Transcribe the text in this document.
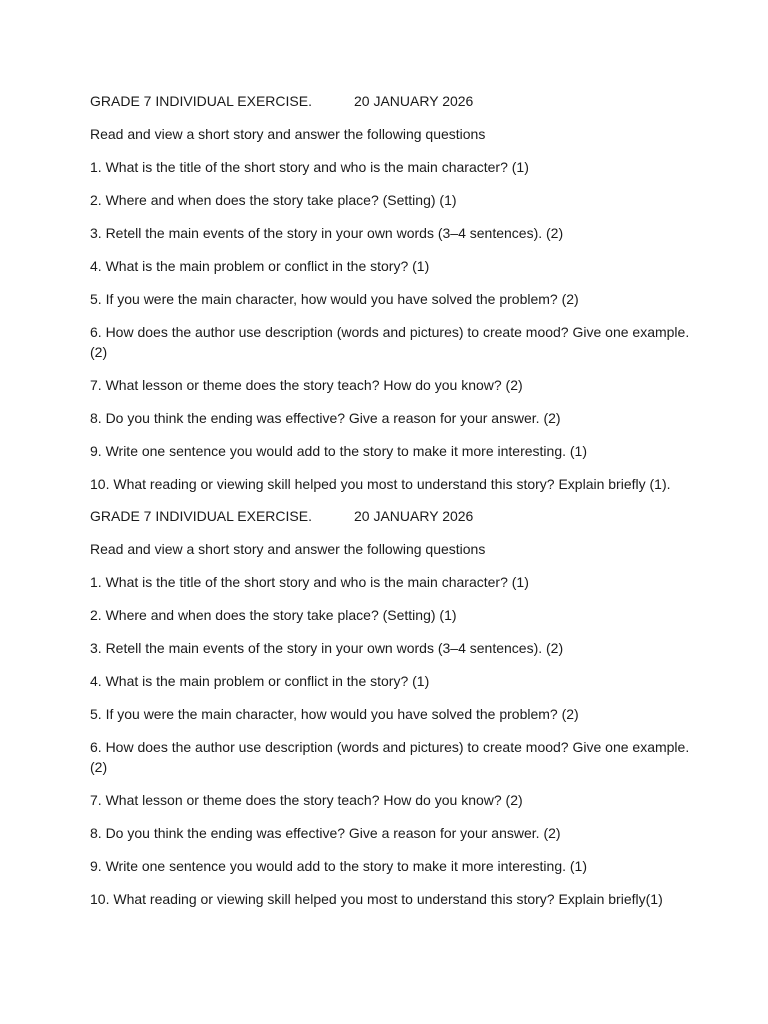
GRADE 7 INDIVIDUAL EXERCISE.	20 JANUARY 2026

Read and view a short story and answer the following questions

1. What is the title of the short story and who is the main character? (1)

2. Where and when does the story take place? (Setting) (1)

3. Retell the main events of the story in your own words (3–4 sentences). (2)

4. What is the main problem or conflict in the story? (1)

5. If you were the main character, how would you have solved the problem? (2)

6. How does the author use description (words and pictures) to create mood? Give one example. (2)

7. What lesson or theme does the story teach? How do you know? (2)

8. Do you think the ending was effective? Give a reason for your answer. (2)

9. Write one sentence you would add to the story to make it more interesting. (1)

10. What reading or viewing skill helped you most to understand this story? Explain briefly (1).

GRADE 7 INDIVIDUAL EXERCISE.	20 JANUARY 2026

Read and view a short story and answer the following questions

1. What is the title of the short story and who is the main character? (1)

2. Where and when does the story take place? (Setting) (1)

3. Retell the main events of the story in your own words (3–4 sentences). (2)

4. What is the main problem or conflict in the story? (1)

5. If you were the main character, how would you have solved the problem? (2)

6. How does the author use description (words and pictures) to create mood? Give one example. (2)

7. What lesson or theme does the story teach? How do you know? (2)

8. Do you think the ending was effective? Give a reason for your answer. (2)

9. Write one sentence you would add to the story to make it more interesting. (1)

10. What reading or viewing skill helped you most to understand this story? Explain briefly(1)
